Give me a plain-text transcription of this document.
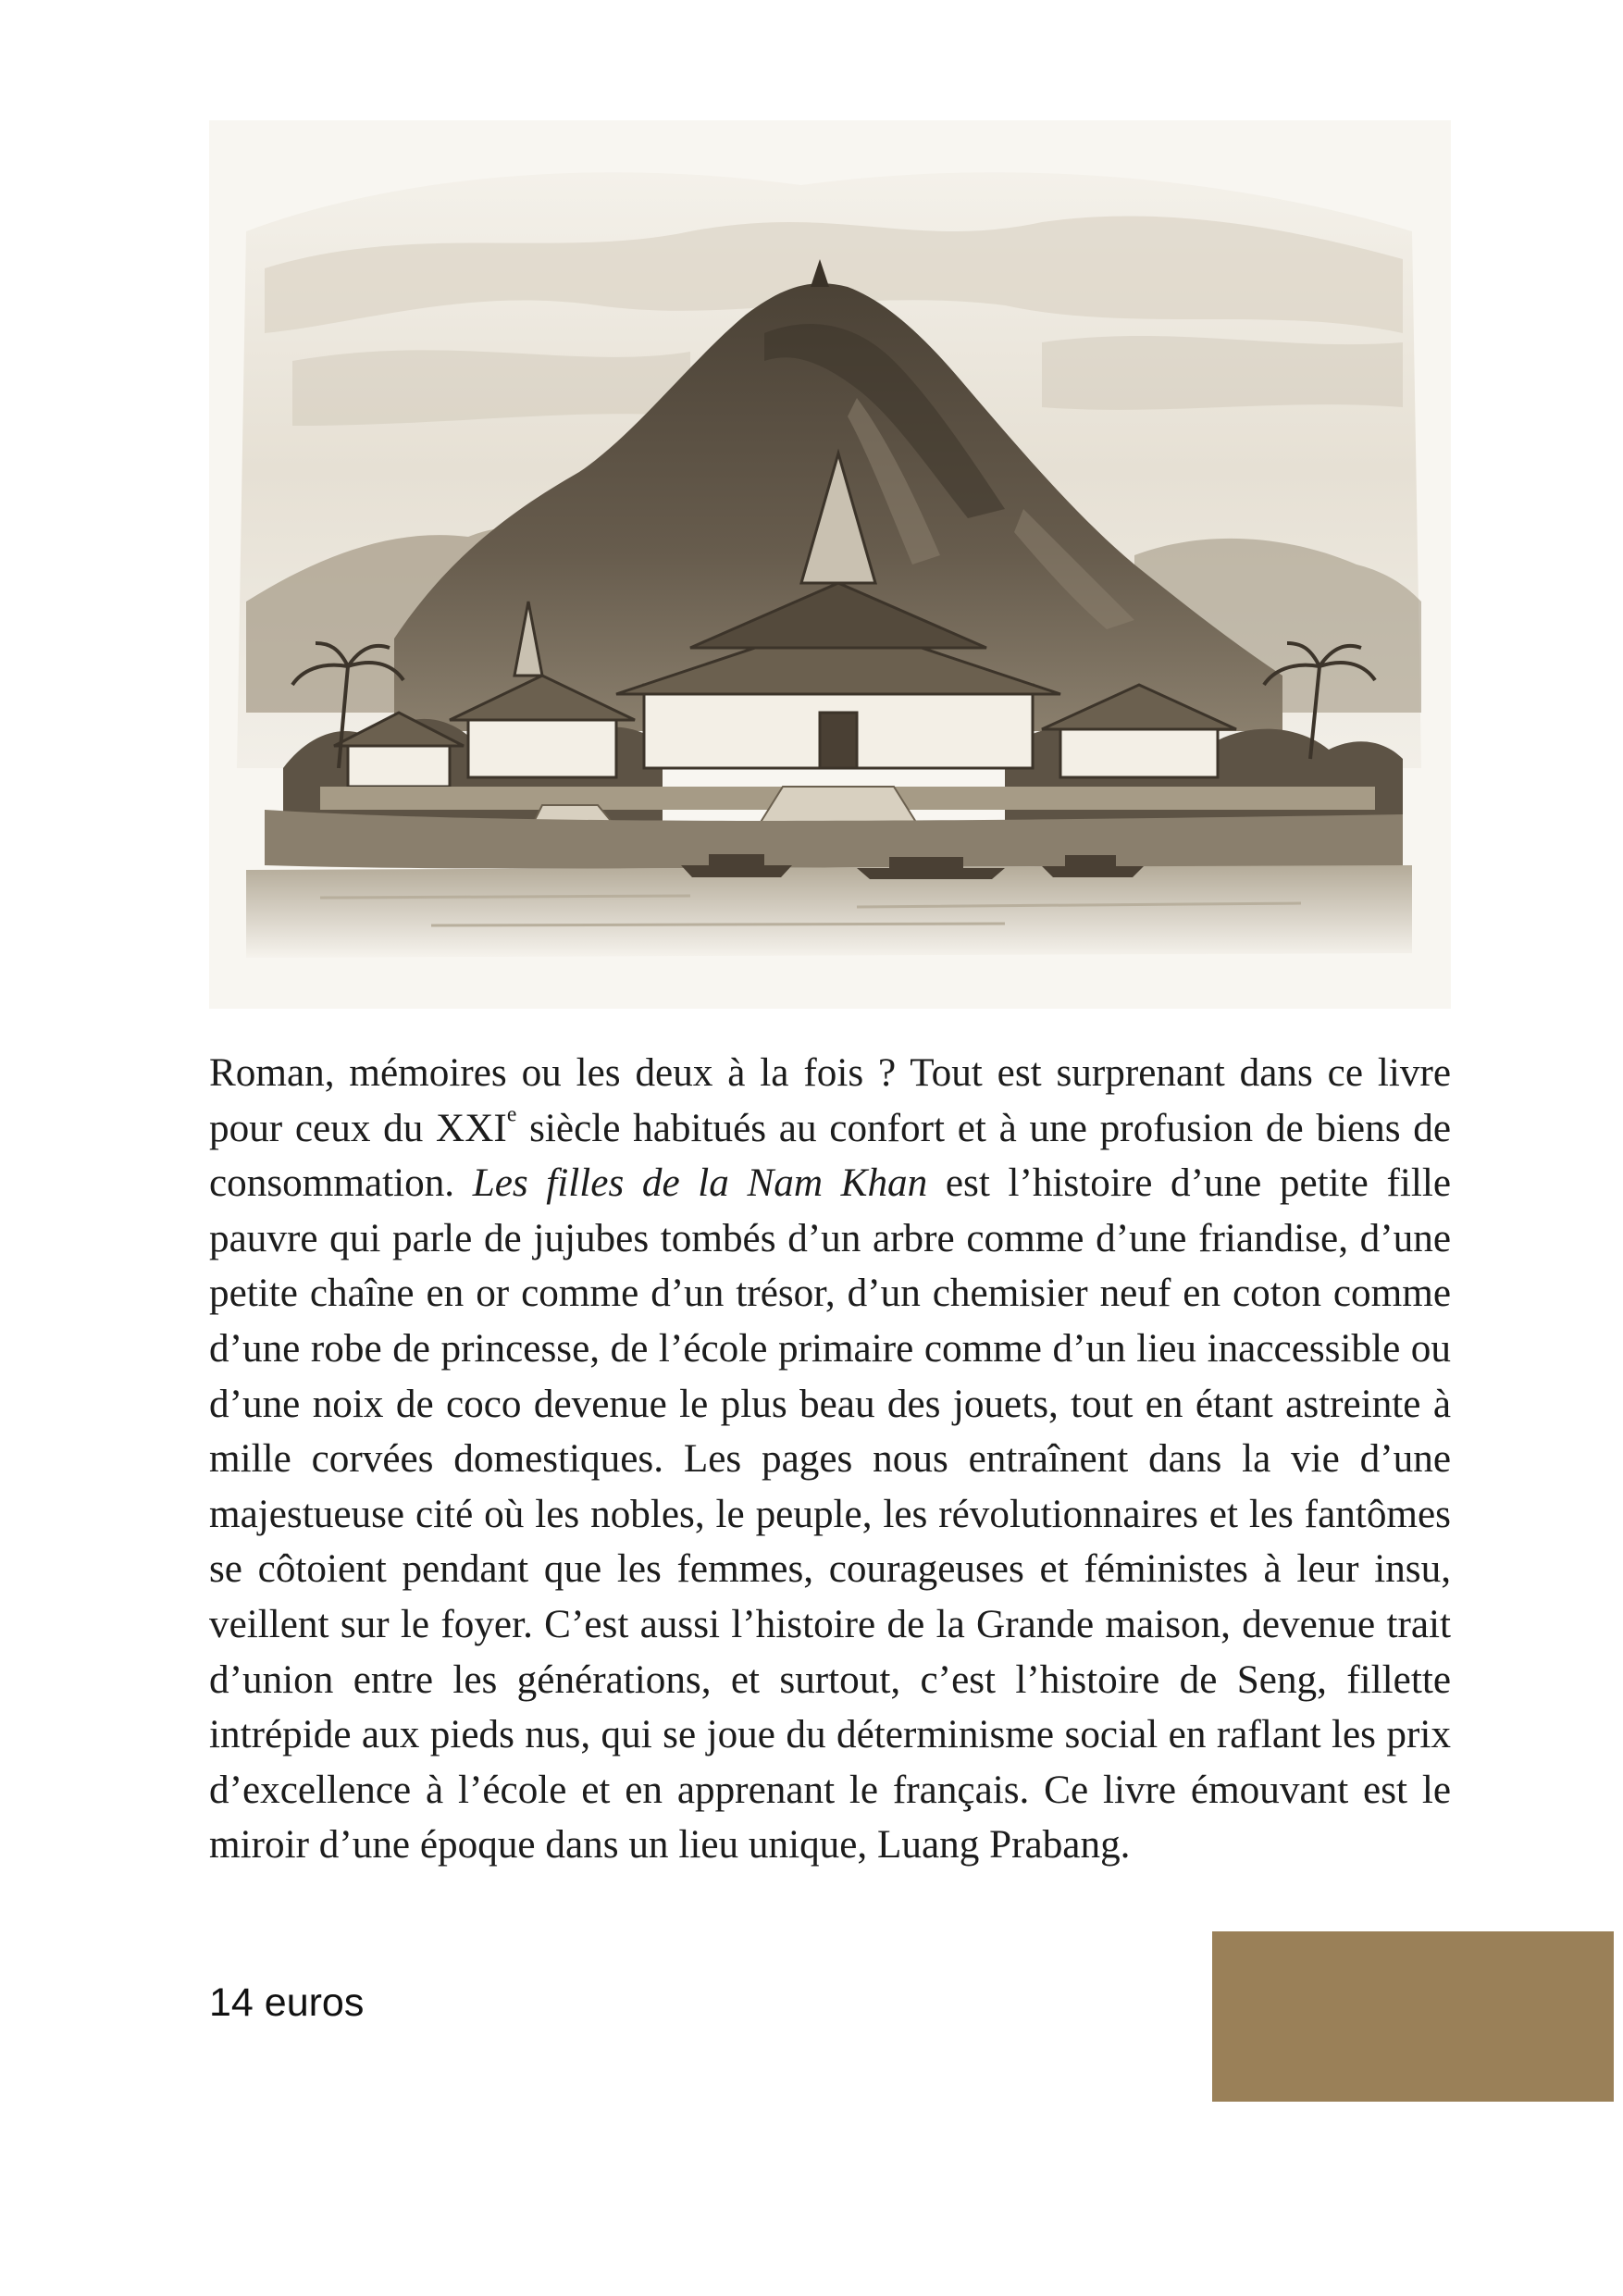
Roman, mémoires ou les deux à la fois ? Tout est surprenant dans ce livre pour ceux du XXIe siècle habitués au confort et à une profusion de biens de consommation. Les filles de la Nam Khan est l’histoire d’une petite fille pauvre qui parle de jujubes tombés d’un arbre comme d’une friandise, d’une petite chaîne en or comme d’un trésor, d’un chemisier neuf en coton comme d’une robe de princesse, de l’école primaire comme d’un lieu inaccessible ou d’une noix de coco devenue le plus beau des jouets, tout en étant astreinte à mille corvées domestiques. Les pages nous entraînent dans la vie d’une majestueuse cité où les nobles, le peuple, les révolutionnaires et les fantômes se côtoient pendant que les femmes, courageuses et féministes à leur insu, veillent sur le foyer. C’est aussi l’histoire de la Grande maison, devenue trait d’union entre les générations, et surtout, c’est l’histoire de Seng, fillette intrépide aux pieds nus, qui se joue du déterminisme social en raflant les prix d’excellence à l’école et en apprenant le français. Ce livre émouvant est le miroir d’une époque dans un lieu unique, Luang Prabang.

14 euros
